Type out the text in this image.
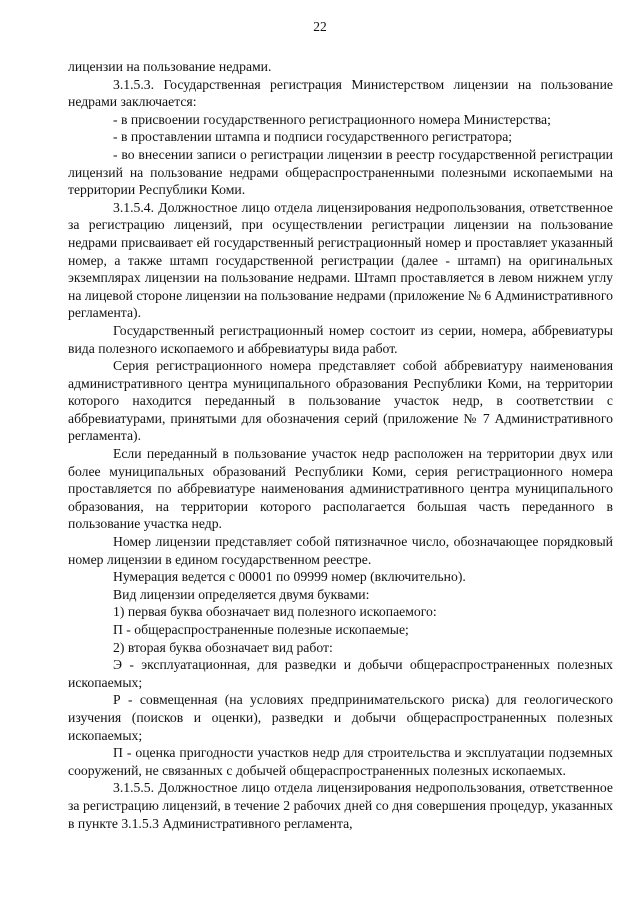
22

лицензии на пользование недрами.

3.1.5.3. Государственная регистрация Министерством лицензии на пользование недрами заключается:

- в присвоении государственного регистрационного номера Министерства;

- в проставлении штампа и подписи государственного регистратора;

- во внесении записи о регистрации лицензии в реестр государственной регистрации лицензий на пользование недрами общераспространенными полезными ископаемыми на территории Республики Коми.

3.1.5.4. Должностное лицо отдела лицензирования недропользования, ответственное за регистрацию лицензий, при осуществлении регистрации лицензии на пользование недрами присваивает ей государственный регистрационный номер и проставляет указанный номер, а также штамп государственной регистрации (далее - штамп) на оригинальных экземплярах лицензии на пользование недрами. Штамп проставляется в левом нижнем углу на лицевой стороне лицензии на пользование недрами (приложение № 6 Административного регламента).

Государственный регистрационный номер состоит из серии, номера, аббревиатуры вида полезного ископаемого и аббревиатуры вида работ.

Серия регистрационного номера представляет собой аббревиатуру наименования административного центра муниципального образования Республики Коми, на территории которого находится переданный в пользование участок недр, в соответствии с аббревиатурами, принятыми для обозначения серий (приложение № 7 Административного регламента).

Если переданный в пользование участок недр расположен на территории двух или более муниципальных образований Республики Коми, серия регистрационного номера проставляется по аббревиатуре наименования административного центра муниципального образования, на территории которого располагается большая часть переданного в пользование участка недр.

Номер лицензии представляет собой пятизначное число, обозначающее порядковый номер лицензии в едином государственном реестре.

Нумерация ведется с 00001 по 09999 номер (включительно).

Вид лицензии определяется двумя буквами:

1) первая буква обозначает вид полезного ископаемого:

П - общераспространенные полезные ископаемые;

2) вторая буква обозначает вид работ:

Э - эксплуатационная, для разведки и добычи общераспространенных полезных ископаемых;

Р - совмещенная (на условиях предпринимательского риска) для геологического изучения (поисков и оценки), разведки и добычи общераспространенных полезных ископаемых;

П - оценка пригодности участков недр для строительства и эксплуатации подземных сооружений, не связанных с добычей общераспространенных полезных ископаемых.

3.1.5.5. Должностное лицо отдела лицензирования недропользования, ответственное за регистрацию лицензий, в течение 2 рабочих дней со дня совершения процедур, указанных в пункте 3.1.5.3 Административного регламента,
